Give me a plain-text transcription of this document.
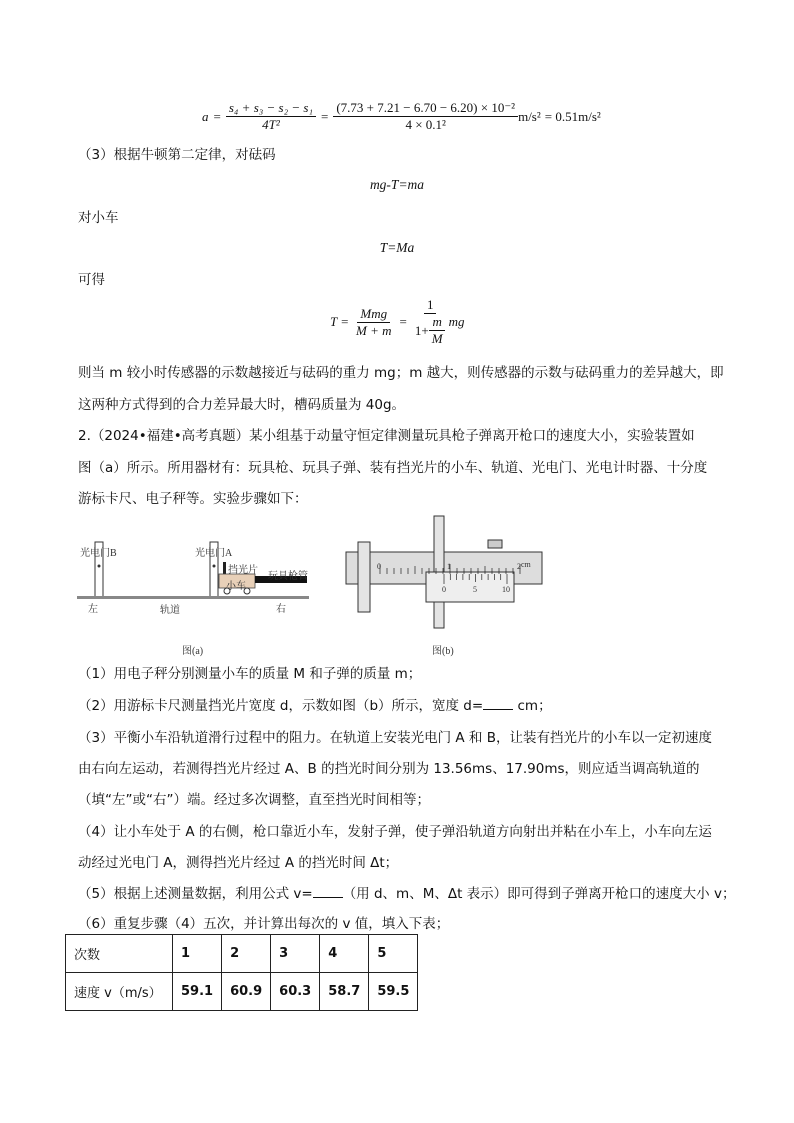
$a = \frac{\text{s₄ + s₃ − s₂ − s₁}}{\text{4T²}} = \frac{\text{(7.73 + 7.21 − 6.70 − 6.20) × 10⁻²}}{\text{4 × 0.1²}} m/s^2 = 0.51m/s^2$
（3）根据牛顿第二定律，对砝码
mg-T=ma
对小车
T=Ma
可得
$T = \frac{\text{Mmg}}{M + m} = \frac{1}{1+ \frac{m}{M}}$ mg
则当 m 较小时传感器的示数越接近与砝码的重力 mg；m 越大，则传感器的示数与砝码重力的差异越大，即
这两种方式得到的合力差异最大时，槽码质量为 40g。
2.（2024•福建•高考真题）某小组基于动量守恒定律测量玩具枪子弹离开枪口的速度大小，实验装置如
图（a）所示。所用器材有：玩具枪、玩具子弹、装有挡光片的小车、轨道、光电门、光电计时器、十分度
游标卡尺、电子秤等。实验步骤如下：
光电门B	光电门A
挡光片
小车
玩具枪管
左	轨道	右
图(a)
0	1	2 cm
0	5	10
图(b)
（1）用电子秤分别测量小车的质量 M 和子弹的质量 m；
（2）用游标卡尺测量挡光片宽度 d，示数如图（b）所示，宽度 d= cm；
（3）平衡小车沿轨道滑行过程中的阻力。在轨道上安装光电门 A 和 B，让装有挡光片的小车以一定初速度
由右向左运动，若测得挡光片经过 A、B 的挡光时间分别为 13.56ms、17.90ms，则应适当调高轨道的
（填“左”或“右”）端。经过多次调整，直至挡光时间相等；
（4）让小车处于 A 的右侧，枪口靠近小车，发射子弹，使子弹沿轨道方向射出并粘在小车上，小车向左运
动经过光电门 A，测得挡光片经过 A 的挡光时间 Δt；
（5）根据上述测量数据，利用公式 v= （用 d、m、M、Δt 表示）即可得到子弹离开枪口的速度大小 v；
（6）重复步骤（4）五次，并计算出每次的 v 值，填入下表；
次数	1	2	3	4	5
速度 v（m/s）	59.1	60.9	60.3	58.7	59.5
